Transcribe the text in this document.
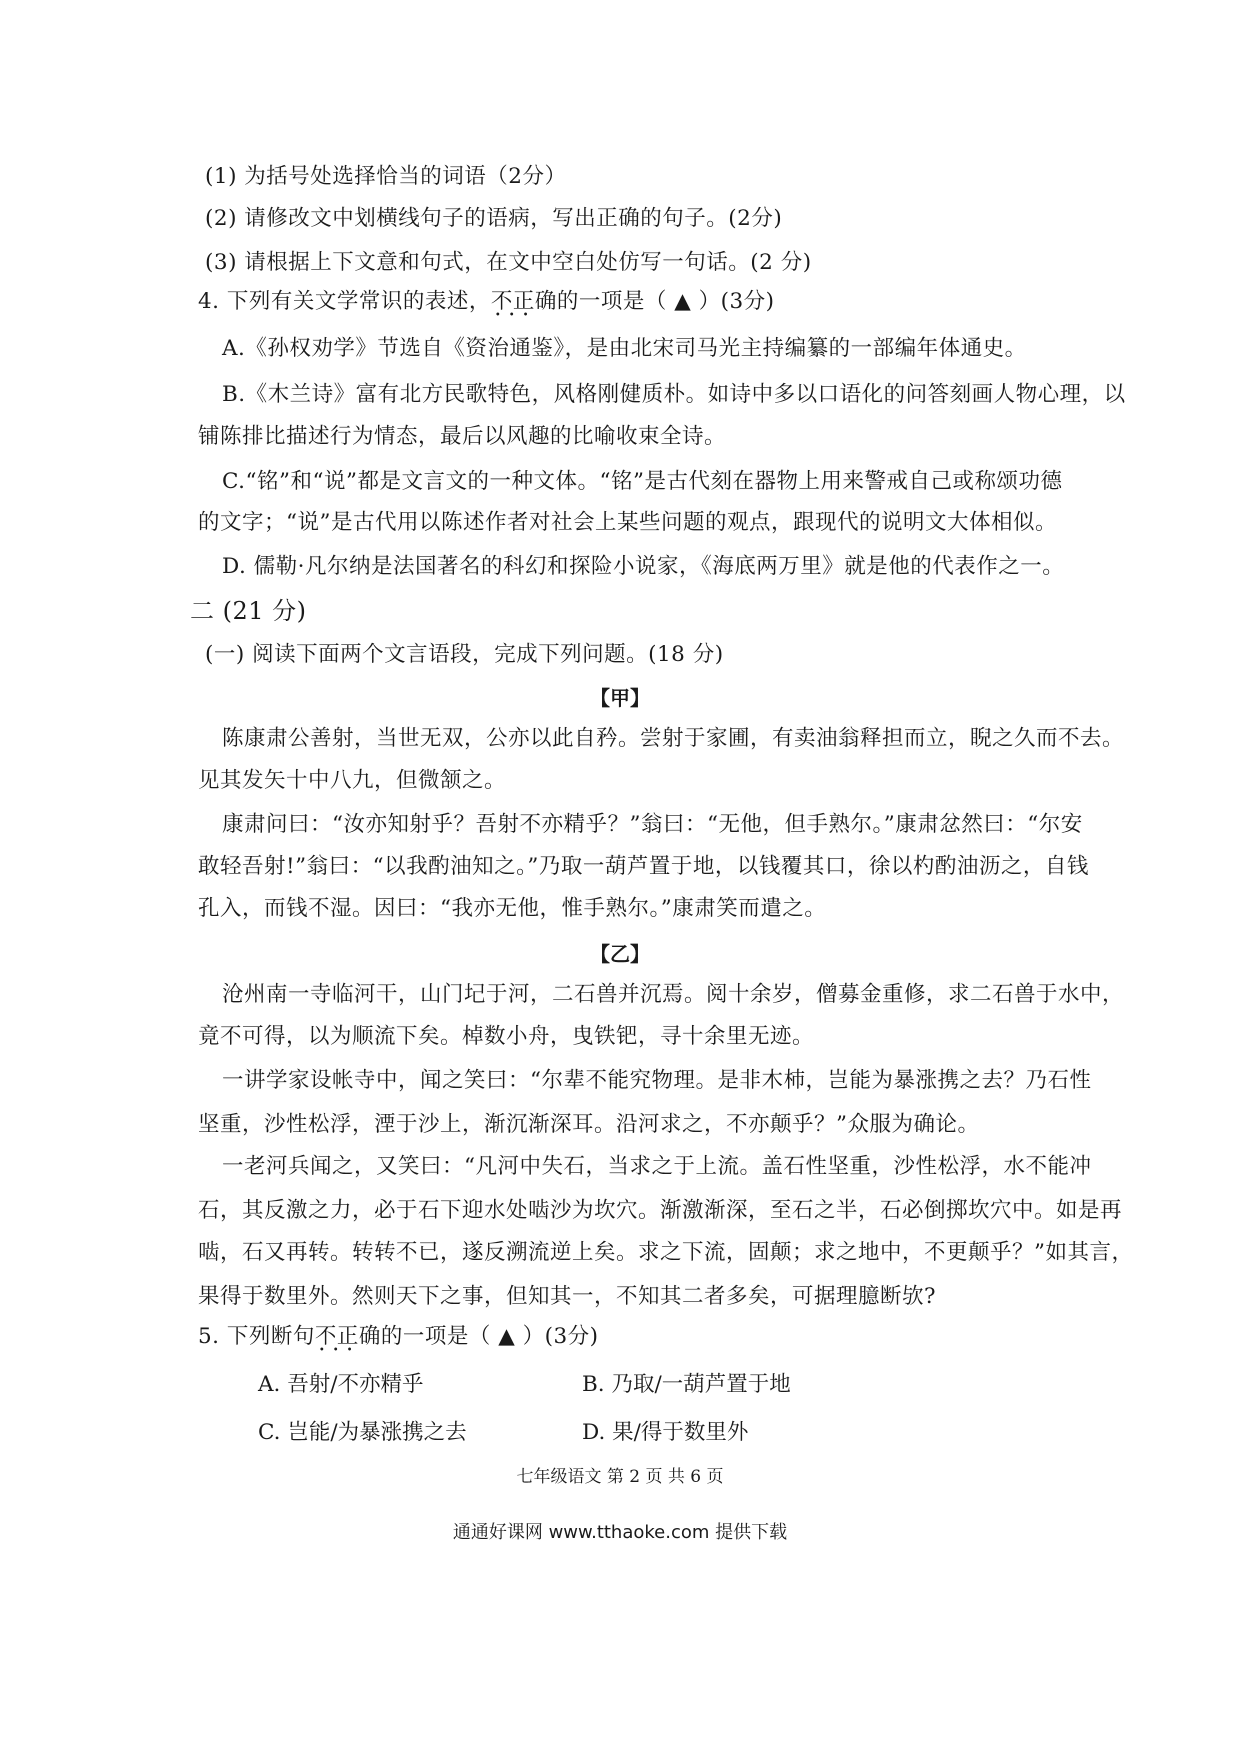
(1) 为括号处选择恰当的词语（2分）
(2) 请修改文中划横线句子的语病，写出正确的句子。(2分)
(3) 请根据上下文意和句式，在文中空白处仿写一句话。(2 分)
4. 下列有关文学常识的表述，不正确 •••的一项是（ ▲ ）(3分)
A.《孙权劝学》节选自《资治通鉴》，是由北宋司马光主持编纂的一部编年体通史。
B.《木兰诗》富有北方民歌特色，风格刚健质朴。如诗中多以口语化的问答刻画人物心理，以
铺陈排比描述行为情态，最后以风趣的比喻收束全诗。
C.“铭”和“说”都是文言文的一种文体。“铭”是古代刻在器物上用来警戒自己或称颂功德
的文字；“说”是古代用以陈述作者对社会上某些问题的观点，跟现代的说明文大体相似。
D. 儒勒·凡尔纳是法国著名的科幻和探险小说家，《海底两万里》就是他的代表作之一。
二 (21 分)
(一) 阅读下面两个文言语段，完成下列问题。(18 分)
【甲】
陈康肃公善射，当世无双，公亦以此自矜。尝射于家圃，有卖油翁释担而立，睨之久而不去。
见其发矢十中八九，但微颔之。
康肃问曰：“汝亦知射乎？吾射不亦精乎？”翁曰：“无他，但手熟尔。”康肃忿然曰：“尔安
敢轻吾射!”翁曰：“以我酌油知之。”乃取一葫芦置于地，以钱覆其口，徐以杓酌油沥之，自钱
孔入，而钱不湿。因曰：“我亦无他，惟手熟尔。”康肃笑而遣之。
【乙】
沧州南一寺临河干，山门圮于河，二石兽并沉焉。阅十余岁，僧募金重修，求二石兽于水中，
竟不可得，以为顺流下矣。棹数小舟，曳铁钯，寻十余里无迹。
一讲学家设帐寺中，闻之笑曰：“尔辈不能究物理。是非木杮，岂能为暴涨携之去？乃石性
坚重，沙性松浮，湮于沙上，渐沉渐深耳。沿河求之，不亦颠乎？”众服为确论。
一老河兵闻之，又笑曰：“凡河中失石，当求之于上流。盖石性坚重，沙性松浮，水不能冲
石，其反激之力，必于石下迎水处啮沙为坎穴。渐激渐深，至石之半，石必倒掷坎穴中。如是再
啮，石又再转。转转不已，遂反溯流逆上矣。求之下流，固颠；求之地中，不更颠乎？”如其言，
果得于数里外。然则天下之事，但知其一，不知其二者多矣，可据理臆断欤?
5. 下列断句不正确 •••的一项是（ ▲ ）(3分)
A. 吾射/不亦精乎	B. 乃取/一葫芦置于地
C. 岂能/为暴涨携之去	D. 果/得于数里外
七年级语文 第 2 页 共 6 页
通通好课网 www.tthaoke.com 提供下载
